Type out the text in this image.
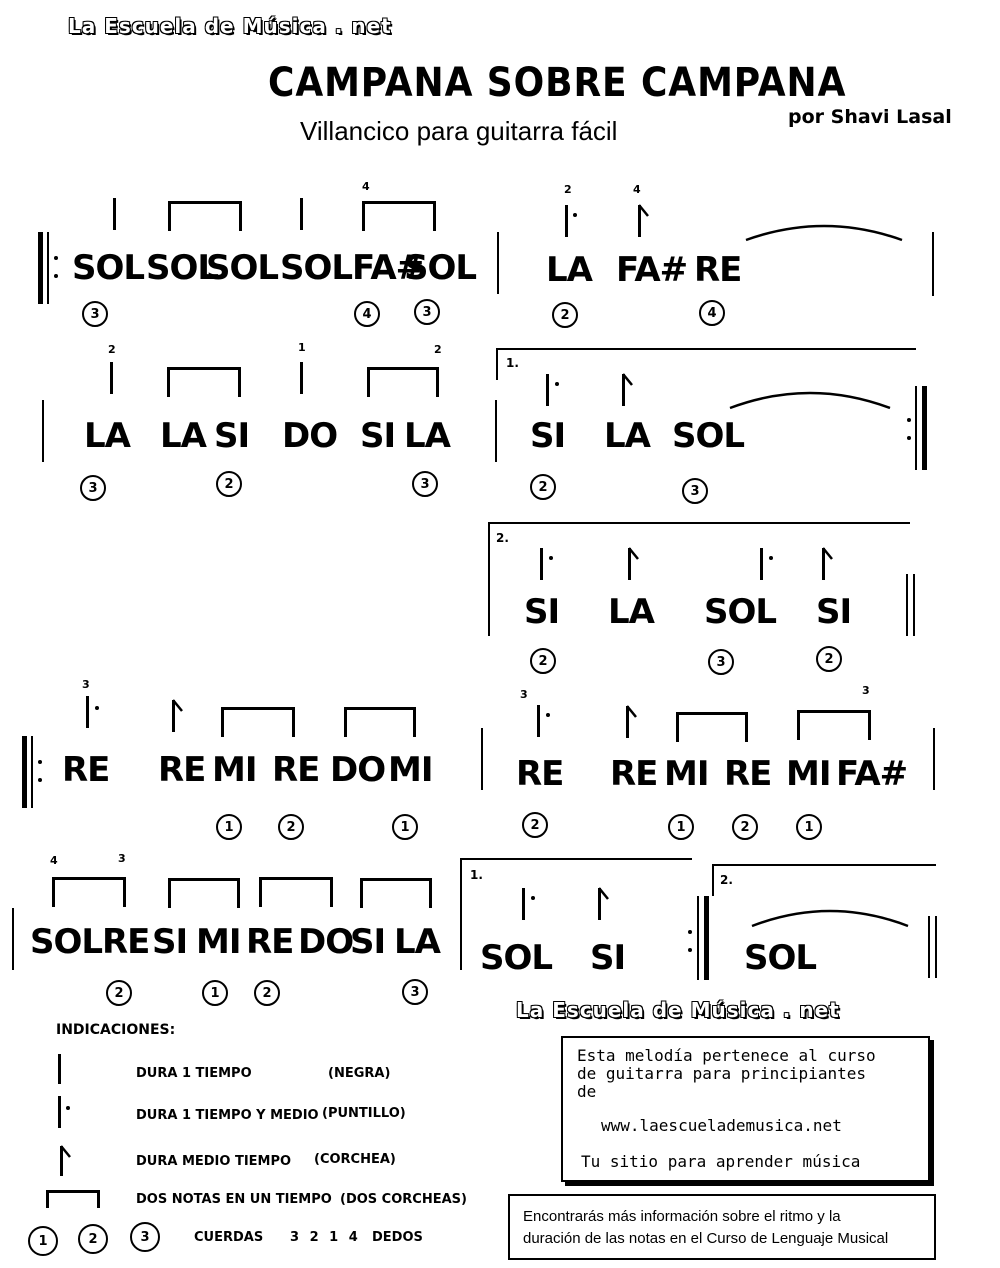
La Escuela de Música . net
CAMPANA SOBRE CAMPANA
Villancico para guitarra fácil	por Shavi Lasal
4
SOL SOL
SOL SOL FA#
SOL
3	4	3
2	4
LA FA# RE
2	4
2	1	2
LA LA SI DO SI LA
3	2	3
1.
SI LA SOL
2	3
2.
SI LA SOL SI
2	3	2
3
RE RE MI RE DO MI
1	2	1
3	3
RE RE MI RE MI FA#
2	1	2	1
4	3
SOL RE SI MI RE DO
SI LA
2	1	2	3
1.
SOL SI
2.
SOL
La Escuela de Música . net
INDICACIONES:
DURA 1 TIEMPO	(NEGRA)
DURA 1 TIEMPO Y MEDIO (PUNTILLO)
DURA MEDIO TIEMPO (CORCHEA)
DOS NOTAS EN UN TIEMPO (DOS CORCHEAS)
1	2	3	CUERDAS 3 2 1 4 DEDOS
Esta melodía pertenece al curso
de guitarra para principiantes
de
www.laescuelademusica.net
Tu sitio para aprender música
Encontrarás más información sobre el ritmo y la
duración de las notas en el Curso de Lenguaje Musical
